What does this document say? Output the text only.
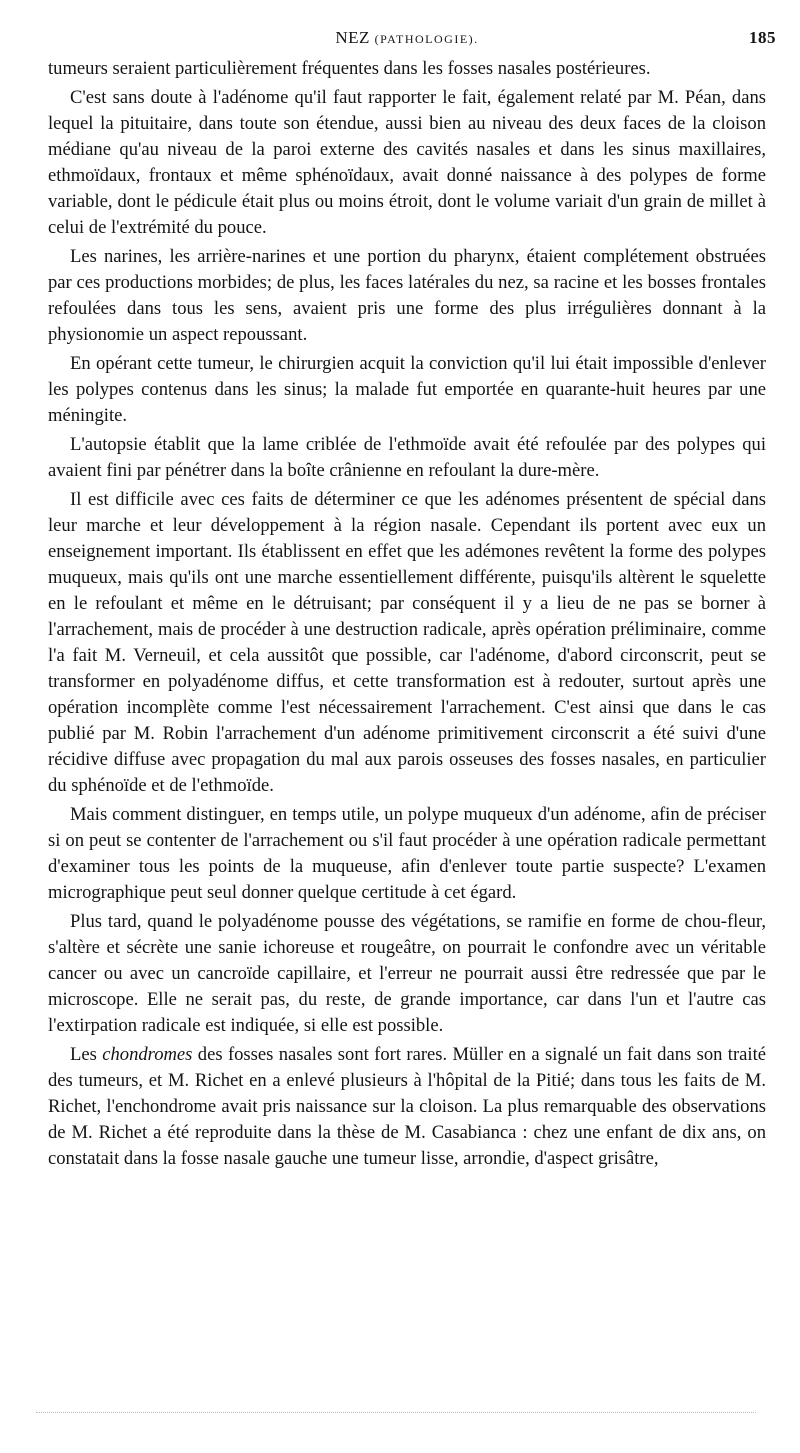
NEZ (PATHOLOGIE).	185

tumeurs seraient particulièrement fréquentes dans les fosses nasales postérieures.

C'est sans doute à l'adénome qu'il faut rapporter le fait, également relaté par M. Péan, dans lequel la pituitaire, dans toute son étendue, aussi bien au niveau des deux faces de la cloison médiane qu'au niveau de la paroi externe des cavités nasales et dans les sinus maxillaires, ethmoïdaux, frontaux et même sphénoïdaux, avait donné naissance à des polypes de forme variable, dont le pédicule était plus ou moins étroit, dont le volume variait d'un grain de millet à celui de l'extrémité du pouce.

Les narines, les arrière-narines et une portion du pharynx, étaient complétement obstruées par ces productions morbides; de plus, les faces latérales du nez, sa racine et les bosses frontales refoulées dans tous les sens, avaient pris une forme des plus irrégulières donnant à la physionomie un aspect repoussant.

En opérant cette tumeur, le chirurgien acquit la conviction qu'il lui était impossible d'enlever les polypes contenus dans les sinus; la malade fut emportée en quarante-huit heures par une méningite.

L'autopsie établit que la lame criblée de l'ethmoïde avait été refoulée par des polypes qui avaient fini par pénétrer dans la boîte crânienne en refoulant la dure-mère.

Il est difficile avec ces faits de déterminer ce que les adénomes présentent de spécial dans leur marche et leur développement à la région nasale. Cependant ils portent avec eux un enseignement important. Ils établissent en effet que les adémones revêtent la forme des polypes muqueux, mais qu'ils ont une marche essentiellement différente, puisqu'ils altèrent le squelette en le refoulant et même en le détruisant; par conséquent il y a lieu de ne pas se borner à l'arrachement, mais de procéder à une destruction radicale, après opération préliminaire, comme l'a fait M. Verneuil, et cela aussitôt que possible, car l'adénome, d'abord circonscrit, peut se transformer en polyadénome diffus, et cette transformation est à redouter, surtout après une opération incomplète comme l'est nécessairement l'arrachement. C'est ainsi que dans le cas publié par M. Robin l'arrachement d'un adénome primitivement circonscrit a été suivi d'une récidive diffuse avec propagation du mal aux parois osseuses des fosses nasales, en particulier du sphénoïde et de l'ethmoïde.

Mais comment distinguer, en temps utile, un polype muqueux d'un adénome, afin de préciser si on peut se contenter de l'arrachement ou s'il faut procéder à une opération radicale permettant d'examiner tous les points de la muqueuse, afin d'enlever toute partie suspecte? L'examen micrographique peut seul donner quelque certitude à cet égard.

Plus tard, quand le polyadénome pousse des végétations, se ramifie en forme de chou-fleur, s'altère et sécrète une sanie ichoreuse et rougeâtre, on pourrait le confondre avec un véritable cancer ou avec un cancroïde capillaire, et l'erreur ne pourrait aussi être redressée que par le microscope. Elle ne serait pas, du reste, de grande importance, car dans l'un et l'autre cas l'extirpation radicale est indiquée, si elle est possible.

Les chondromes des fosses nasales sont fort rares. Müller en a signalé un fait dans son traité des tumeurs, et M. Richet en a enlevé plusieurs à l'hôpital de la Pitié; dans tous les faits de M. Richet, l'enchondrome avait pris naissance sur la cloison. La plus remarquable des observations de M. Richet a été reproduite dans la thèse de M. Casabianca : chez une enfant de dix ans, on constatait dans la fosse nasale gauche une tumeur lisse, arrondie, d'aspect grisâtre,
